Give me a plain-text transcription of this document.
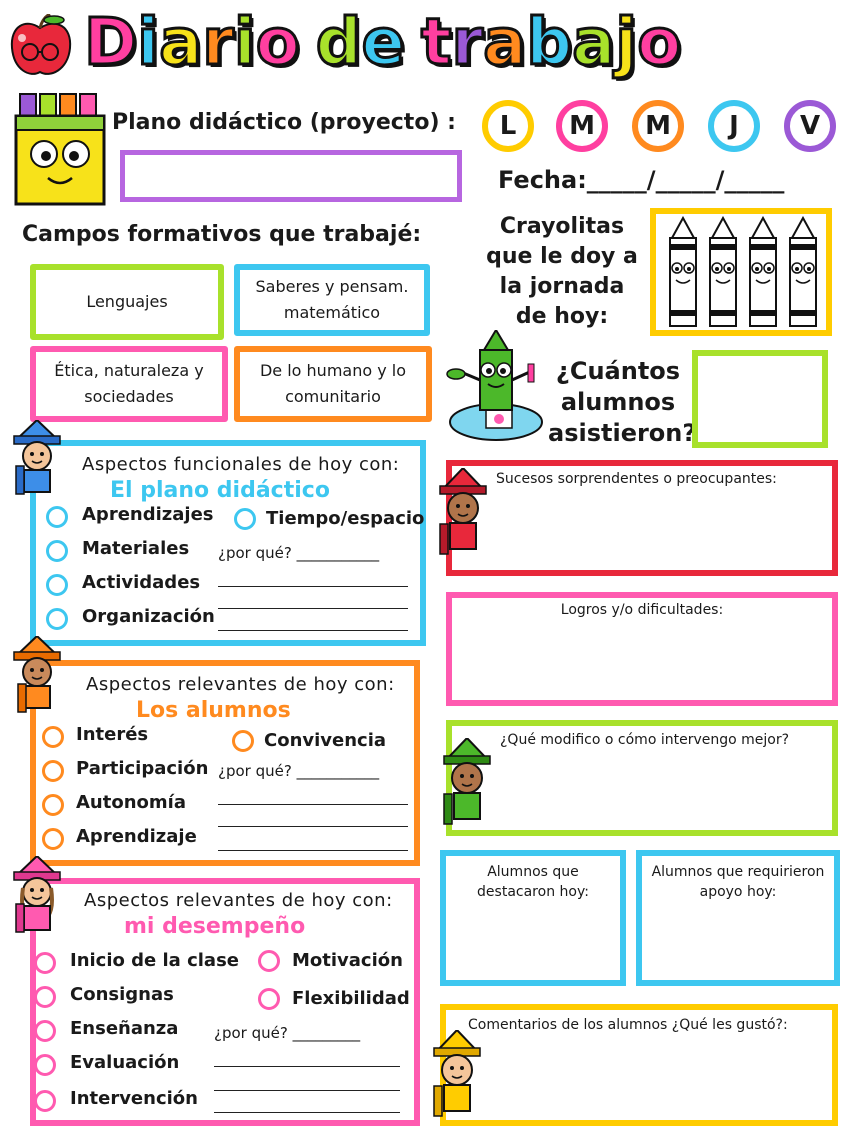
Diario de trabajo
Plano didáctico (proyecto) :	L	M	M	J	V
Fecha:_____/_____/_____
Campos formativos que trabajé:
Lenguajes
Saberes y pensam. matemático
Ética, naturaleza y sociedades
De lo humano y lo comunitario
Crayolitas
que le doy a
la jornada
de hoy:
¿Cuántos
alumnos
asistieron?
Aspectos funcionales de hoy con:
El plano didáctico
Aprendizajes
Materiales
Actividades
Organización
Tiempo/espacio
¿por qué? ___________
Aspectos relevantes de hoy con:
Los alumnos
Interés
Participación
Autonomía
Aprendizaje
Convivencia
¿por qué? ___________
Aspectos relevantes de hoy con:
mi desempeño
Inicio de la clase
Consignas
Enseñanza
Evaluación
Intervención
Motivación
Flexibilidad
¿por qué? _________
Sucesos sorprendentes o preocupantes:
Logros y/o dificultades:
¿Qué modifico o cómo intervengo mejor?
Alumnos que destacaron hoy:
Alumnos que requirieron apoyo hoy:
Comentarios de los alumnos ¿Qué les gustó?:
